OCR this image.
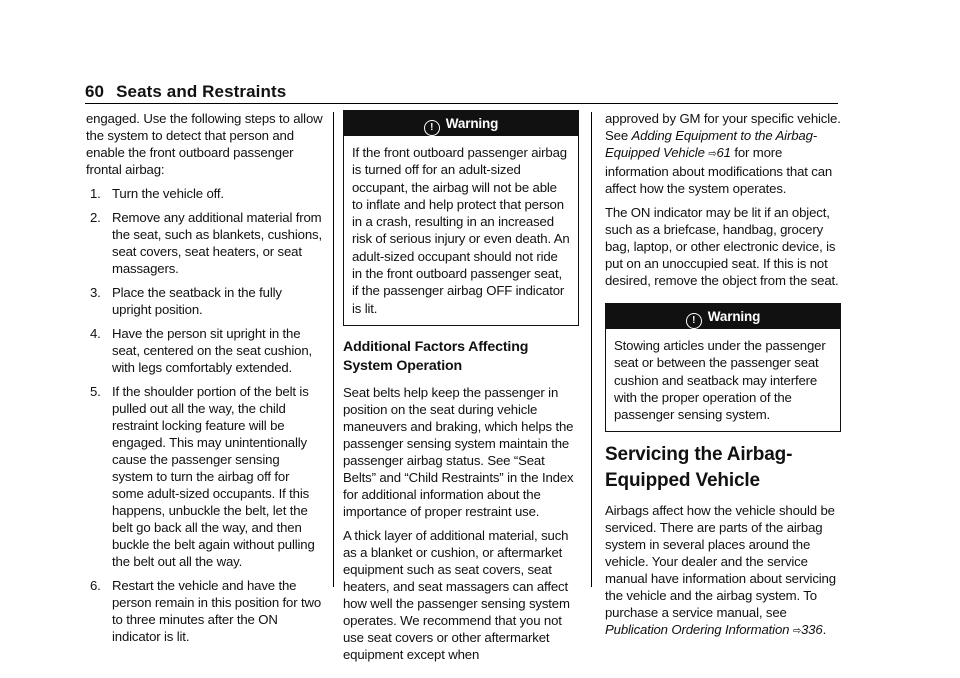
60 Seats and Restraints

engaged. Use the following steps to allow the system to detect that person and enable the front outboard passenger frontal airbag:

1. Turn the vehicle off.
2. Remove any additional material from the seat, such as blankets, cushions, seat covers, seat heaters, or seat massagers.
3. Place the seatback in the fully upright position.
4. Have the person sit upright in the seat, centered on the seat cushion, with legs comfortably extended.
5. If the shoulder portion of the belt is pulled out all the way, the child restraint locking feature will be engaged. This may unintentionally cause the passenger sensing system to turn the airbag off for some adult-sized occupants. If this happens, unbuckle the belt, let the belt go back all the way, and then buckle the belt again without pulling the belt out all the way.
6. Restart the vehicle and have the person remain in this position for two to three minutes after the ON indicator is lit.
! Warning
If the front outboard passenger airbag is turned off for an adult-sized occupant, the airbag will not be able to inflate and help protect that person in a crash, resulting in an increased risk of serious injury or even death. An adult-sized occupant should not ride in the front outboard passenger seat, if the passenger airbag OFF indicator is lit.
Additional Factors Affecting System Operation

Seat belts help keep the passenger in position on the seat during vehicle maneuvers and braking, which helps the passenger sensing system maintain the passenger airbag status. See “Seat Belts” and “Child Restraints” in the Index for additional information about the importance of proper restraint use.

A thick layer of additional material, such as a blanket or cushion, or aftermarket equipment such as seat covers, seat heaters, and seat massagers can affect how well the passenger sensing system operates. We recommend that you not use seat covers or other aftermarket equipment except when

approved by GM for your specific vehicle. See Adding Equipment to the Airbag-Equipped Vehicle ⇨61 for more information about modifications that can affect how the system operates.

The ON indicator may be lit if an object, such as a briefcase, handbag, grocery bag, laptop, or other electronic device, is put on an unoccupied seat. If this is not desired, remove the object from the seat.

! Warning
Stowing articles under the passenger seat or between the passenger seat cushion and seatback may interfere with the proper operation of the passenger sensing system.
Servicing the Airbag-Equipped Vehicle

Airbags affect how the vehicle should be serviced. There are parts of the airbag system in several places around the vehicle. Your dealer and the service manual have information about servicing the vehicle and the airbag system. To purchase a service manual, see Publication Ordering Information ⇨336.
